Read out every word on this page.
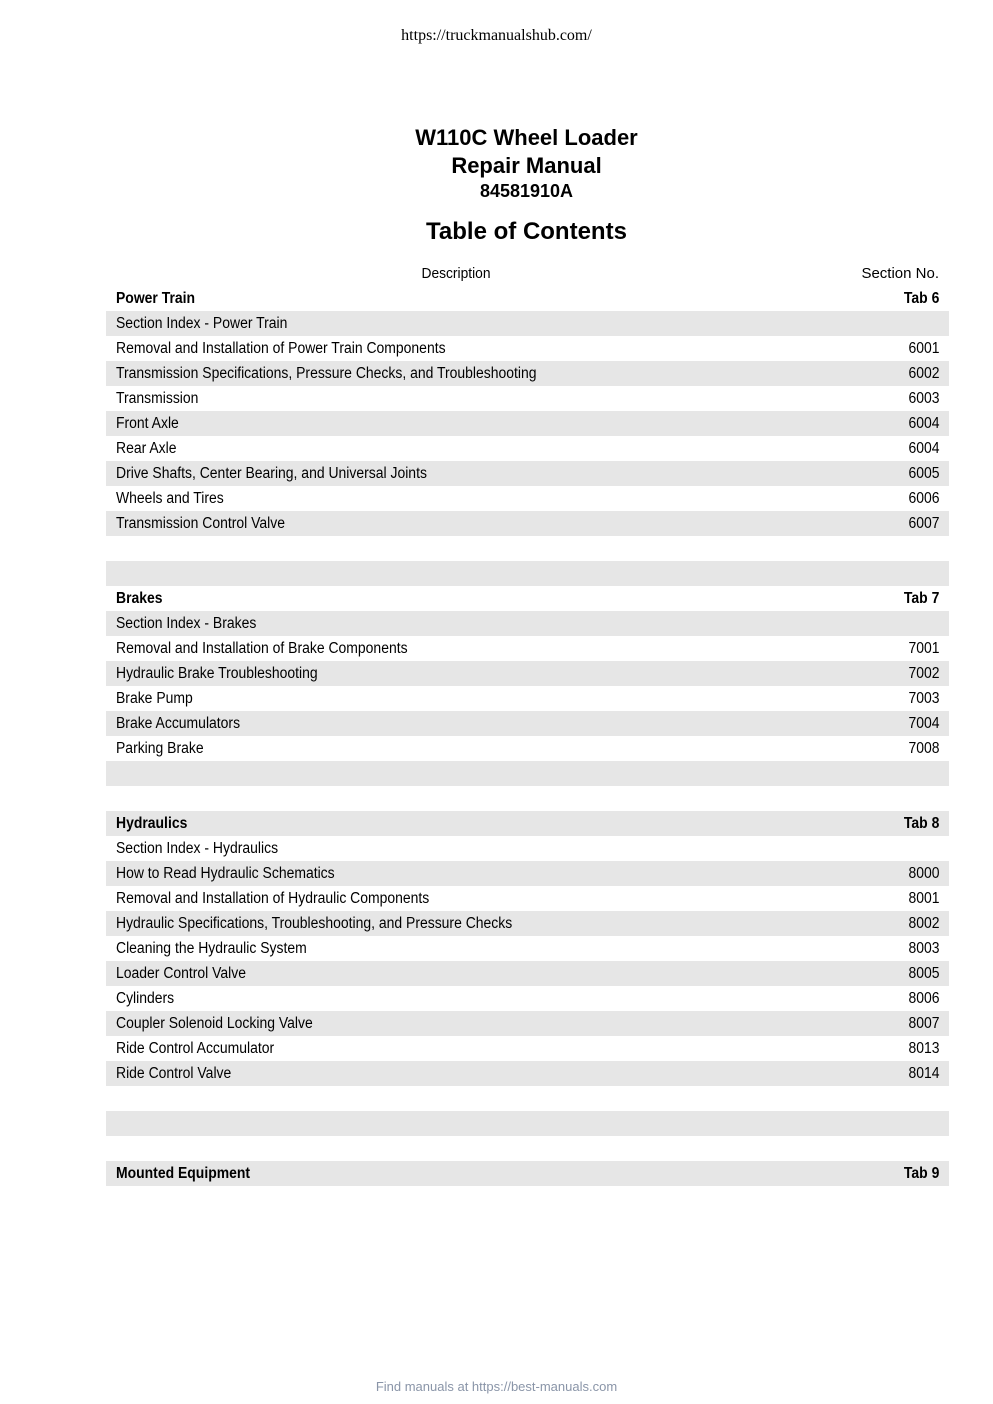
https://truckmanualshub.com/
W110C Wheel Loader
Repair Manual
84581910A
Table of Contents
Description	Section No.
Power Train	Tab 6
Section Index - Power Train
Removal and Installation of Power Train Components	6001
Transmission Specifications, Pressure Checks, and Troubleshooting	6002
Transmission	6003
Front Axle	6004
Rear Axle	6004
Drive Shafts, Center Bearing, and Universal Joints	6005
Wheels and Tires	6006
Transmission Control Valve	6007
Brakes	Tab 7
Section Index - Brakes
Removal and Installation of Brake Components	7001
Hydraulic Brake Troubleshooting	7002
Brake Pump	7003
Brake Accumulators	7004
Parking Brake	7008
Hydraulics	Tab 8
Section Index - Hydraulics
How to Read Hydraulic Schematics	8000
Removal and Installation of Hydraulic Components	8001
Hydraulic Specifications, Troubleshooting, and Pressure Checks	8002
Cleaning the Hydraulic System	8003
Loader Control Valve	8005
Cylinders	8006
Coupler Solenoid Locking Valve	8007
Ride Control Accumulator	8013
Ride Control Valve	8014
Mounted Equipment	Tab 9
Find manuals at https://best-manuals.com
